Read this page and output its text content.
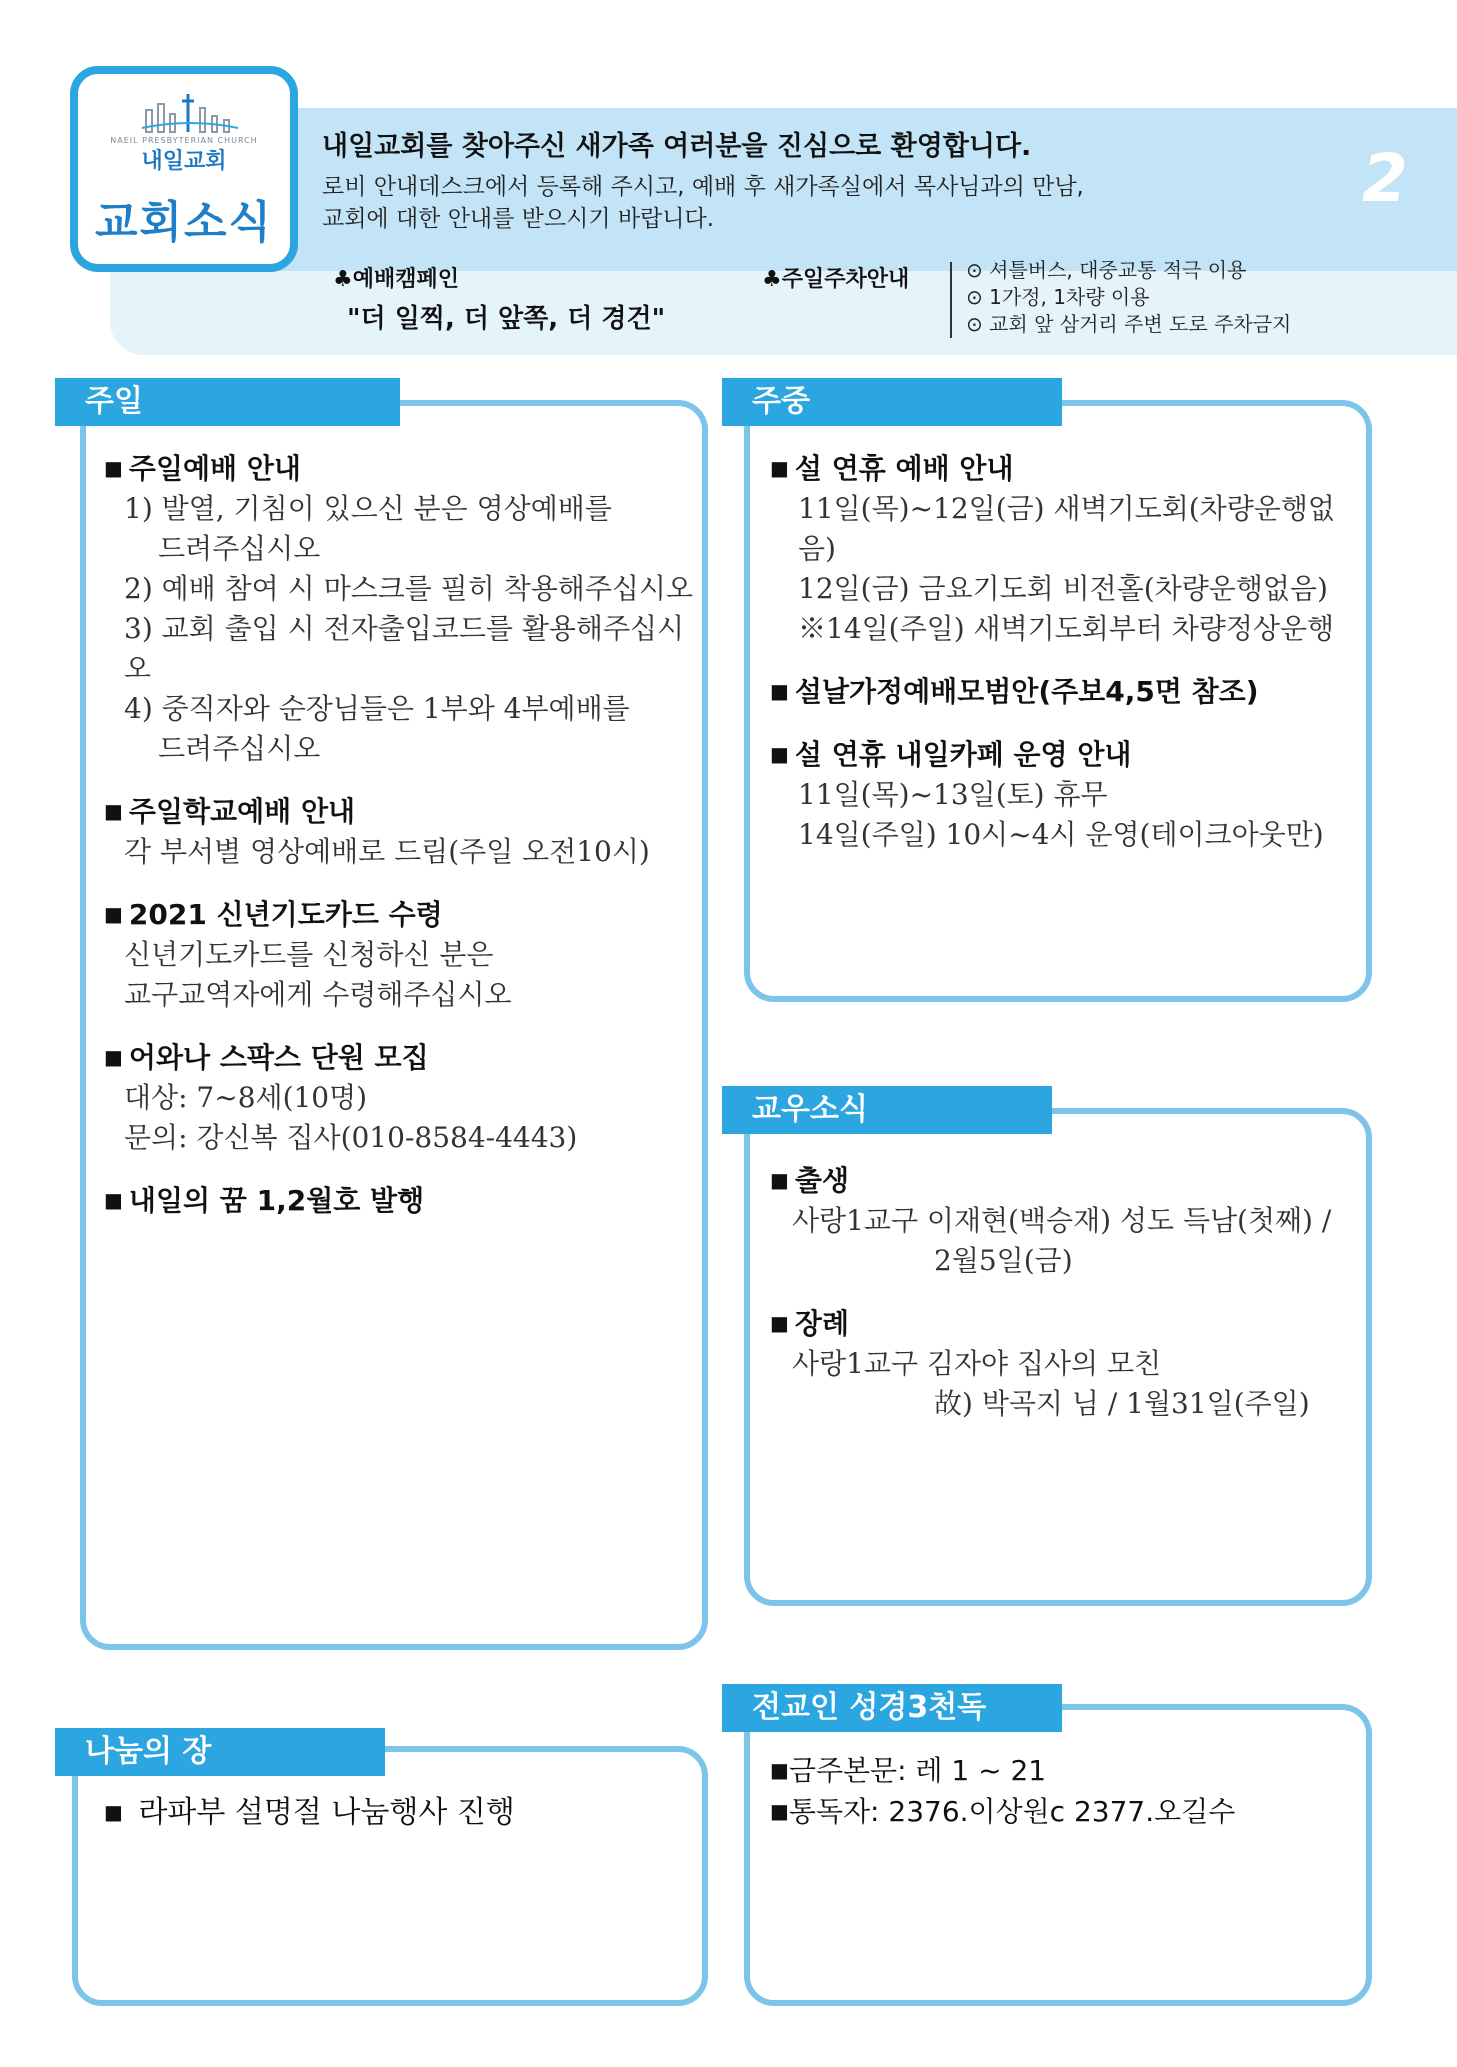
NAEIL PRESBYTERIAN CHURCH
내일교회
교회소식
내일교회를 찾아주신 새가족 여러분을 진심으로 환영합니다.
로비 안내데스크에서 등록해 주시고, 예배 후 새가족실에서 목사님과의 만남,
교회에 대한 안내를 받으시기 바랍니다.
2
♣예배캠페인
"더 일찍, 더 앞쪽, 더 경건"
♣주일주차안내	⊙ 셔틀버스, 대중교통 적극 이용
⊙ 1가정, 1차량 이용
⊙ 교회 앞 삼거리 주변 도로 주차금지
주일
■ 주일예배 안내
1) 발열, 기침이 있으신 분은 영상예배를
드려주십시오
2) 예배 참여 시 마스크를 필히 착용해주십시오
3) 교회 출입 시 전자출입코드를 활용해주십시오
4) 중직자와 순장님들은 1부와 4부예배를
드려주십시오
■ 주일학교예배 안내
각 부서별 영상예배로 드림(주일 오전10시)
■ 2021 신년기도카드 수령
신년기도카드를 신청하신 분은
교구교역자에게 수령해주십시오
■ 어와나 스팍스 단원 모집
대상: 7~8세(10명)
문의: 강신복 집사(010-8584-4443)
■ 내일의 꿈 1,2월호 발행
주중
■ 설 연휴 예배 안내
11일(목)~12일(금) 새벽기도회(차량운행없음)
12일(금) 금요기도회 비전홀(차량운행없음)
※14일(주일) 새벽기도회부터 차량정상운행
■ 설날가정예배모범안(주보4,5면 참조)
■ 설 연휴 내일카페 운영 안내
11일(목)~13일(토) 휴무
14일(주일) 10시~4시 운영(테이크아웃만)
교우소식
■ 출생
사랑1교구 이재현(백승재) 성도 득남(첫째) /
2월5일(금)
■ 장례
사랑1교구 김자야 집사의 모친
故) 박곡지 님 / 1월31일(주일)
나눔의 장
■ 라파부 설명절 나눔행사 진행
전교인 성경3천독
■금주본문: 레 1 ~ 21
■통독자: 2376.이상원c 2377.오길수
